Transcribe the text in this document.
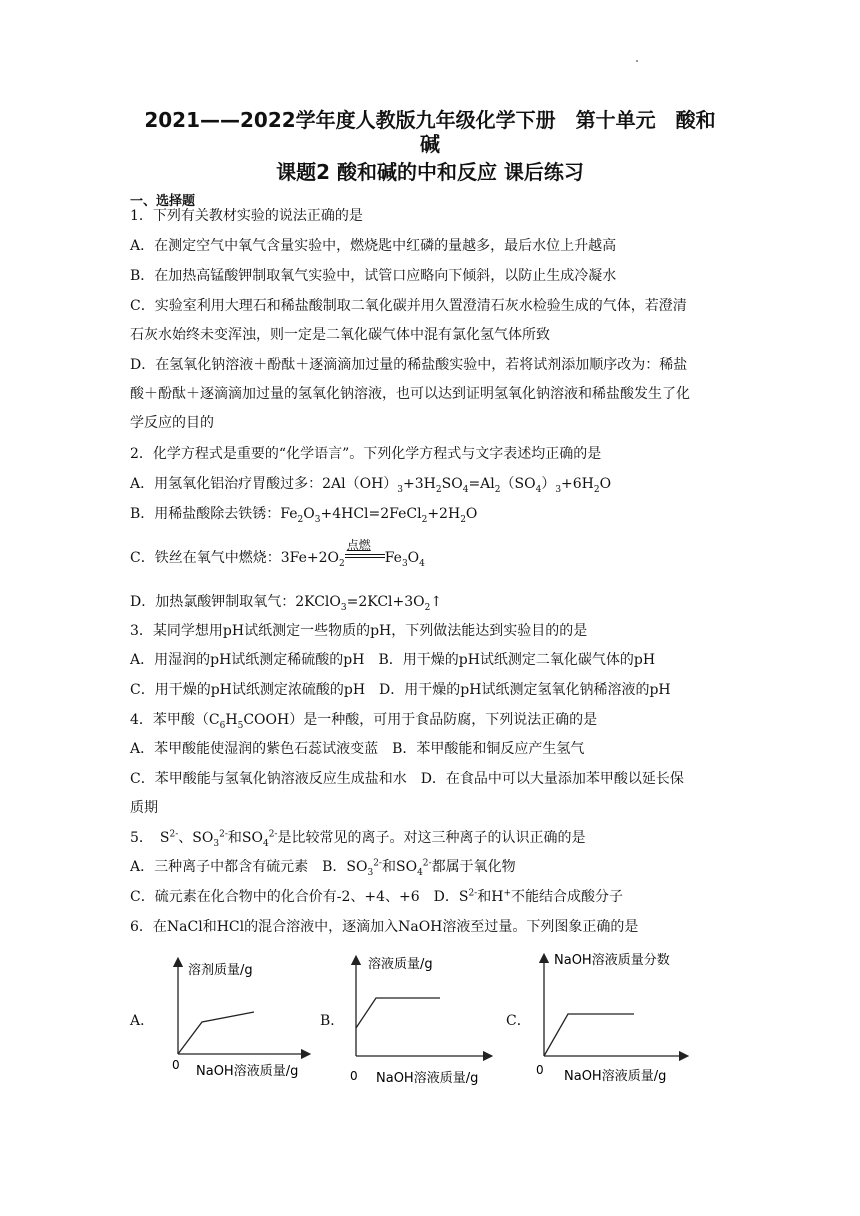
2021——2022学年度人教版九年级化学下册　第十单元　酸和
碱
课题2 酸和碱的中和反应 课后练习
一、选择题
1．下列有关教材实验的说法正确的是
A．在测定空气中氧气含量实验中，燃烧匙中红磷的量越多，最后水位上升越高
B．在加热高锰酸钾制取氧气实验中，试管口应略向下倾斜，以防止生成冷凝水
C．实验室利用大理石和稀盐酸制取二氧化碳并用久置澄清石灰水检验生成的气体，若澄清
石灰水始终未变浑浊，则一定是二氧化碳气体中混有氯化氢气体所致
D．在氢氧化钠溶液＋酚酞＋逐滴滴加过量的稀盐酸实验中，若将试剂添加顺序改为：稀盐
酸＋酚酞＋逐滴滴加过量的氢氧化钠溶液，也可以达到证明氢氧化钠溶液和稀盐酸发生了化
学反应的目的
2．化学方程式是重要的“化学语言”。下列化学方程式与文字表述均正确的是
A．用氢氧化铝治疗胃酸过多：$2Al(OH)_3+3H_2SO_4=Al_2(SO_4)_3+6H_2O$
B．用稀盐酸除去铁锈：$Fe_2O_3+4HCl=2FeCl_2+2H_2O$
C．铁丝在氧气中燃烧：$3Fe+2O_2$
点燃
$Fe_3O_4$
D．加热氯酸钾制取氧气：$2KClO_3=2KCl+3O_2↑$
3．某同学想用pH试纸测定一些物质的pH，下列做法能达到实验目的的是
A．用湿润的pH试纸测定稀硫酸的pH　B．用干燥的pH试纸测定二氧化碳气体的pH
C．用干燥的pH试纸测定浓硫酸的pH　D．用干燥的pH试纸测定氢氧化钠稀溶液的pH
4．苯甲酸$(C_6H_5COOH)$是一种酸，可用于食品防腐，下列说法正确的是
A．苯甲酸能使湿润的紫色石蕊试液变蓝　B．苯甲酸能和铜反应产生氢气
C．苯甲酸能与氢氧化钠溶液反应生成盐和水　D．在食品中可以大量添加苯甲酸以延长保
质期
5．　$S^{2-}$、$SO_3^{2-}$和$SO_4^{2-}$是比较常见的离子。对这三种离子的认识正确的是
A．三种离子中都含有硫元素　B．$SO_3^{2-}$和$SO_4^{2-}$都属于氧化物
C．硫元素在化合物中的化合价有-2、+4、+6　D．$S^{2-}$和H+不能结合成酸分子
6．在NaCl和HCl的混合溶液中，逐滴加入NaOH溶液至过量。下列图象正确的是
A．
溶剂质量/g
NaOH溶液质量/g
0
B．
溶液质量/g
NaOH溶液质量/g
0
C．
NaOH溶液质量分数
NaOH溶液质量/g
0
